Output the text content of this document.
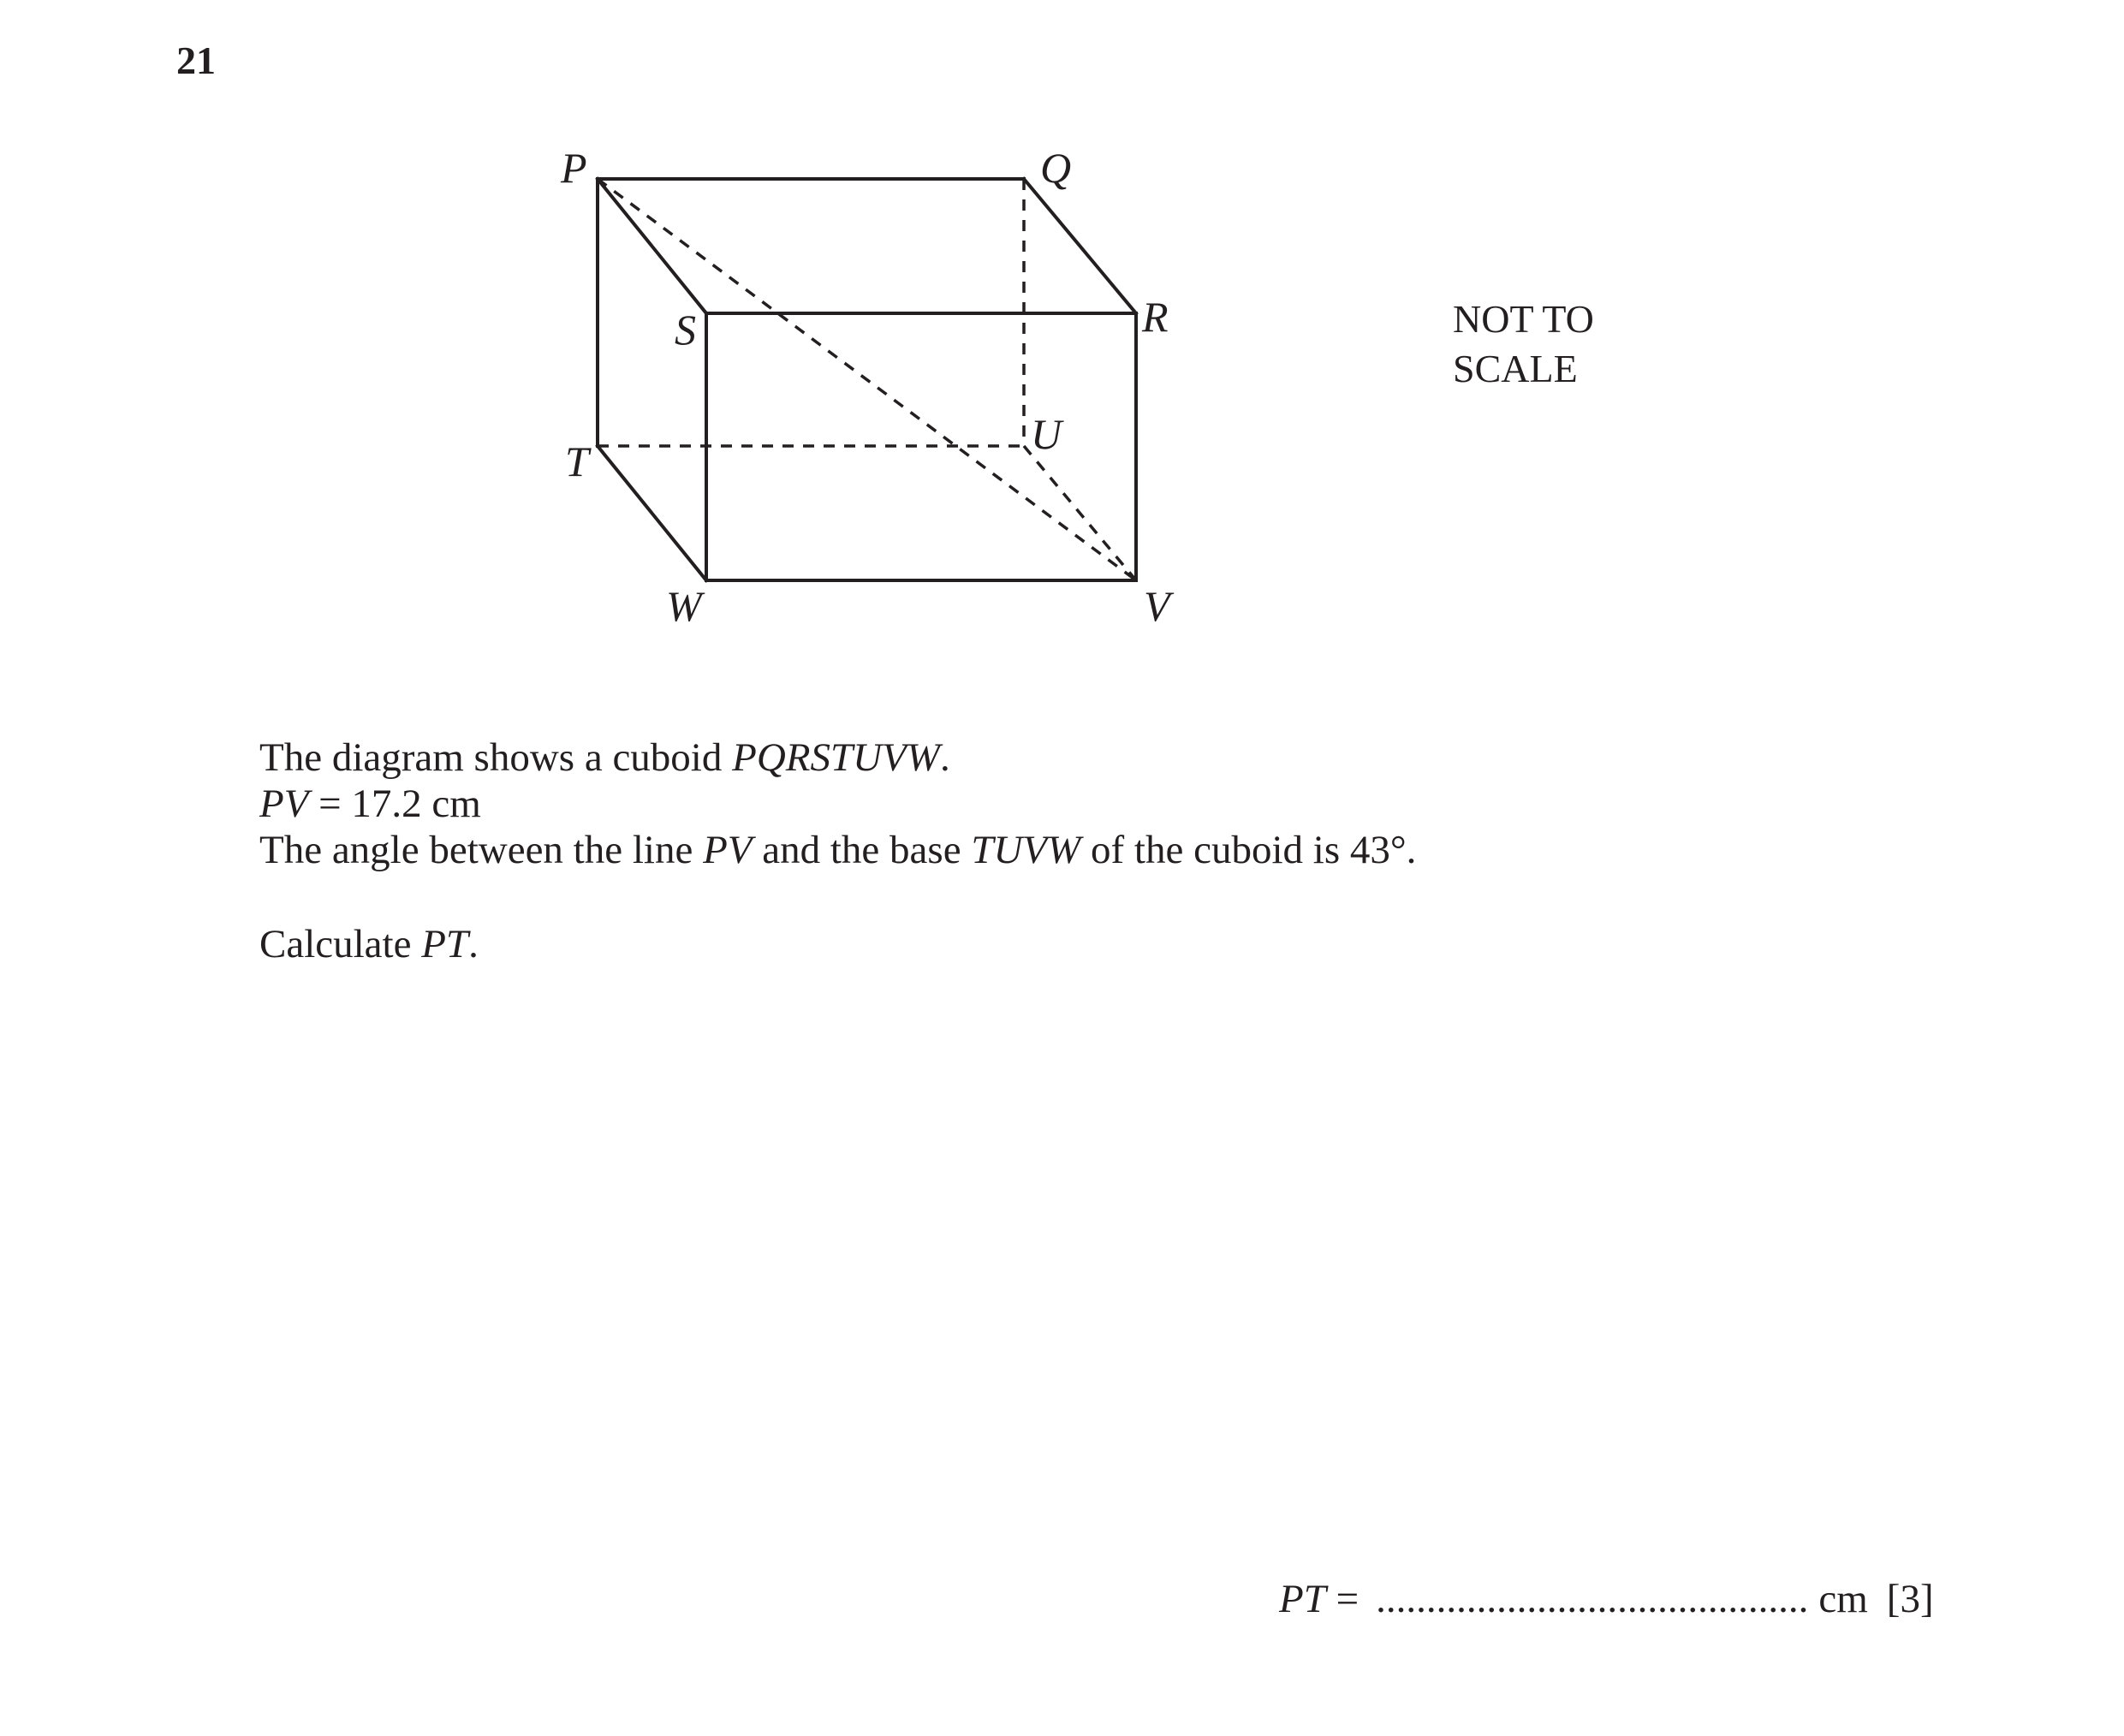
21
P	Q
R
S
T
U
V
W
NOT TO
SCALE
The diagram shows a cuboid PQRSTUVW.
PV = 17.2 cm
The angle between the line PV and the base TUVW of the cuboid is 43°.
Calculate PT.
PT = ........................................... cm [3]
